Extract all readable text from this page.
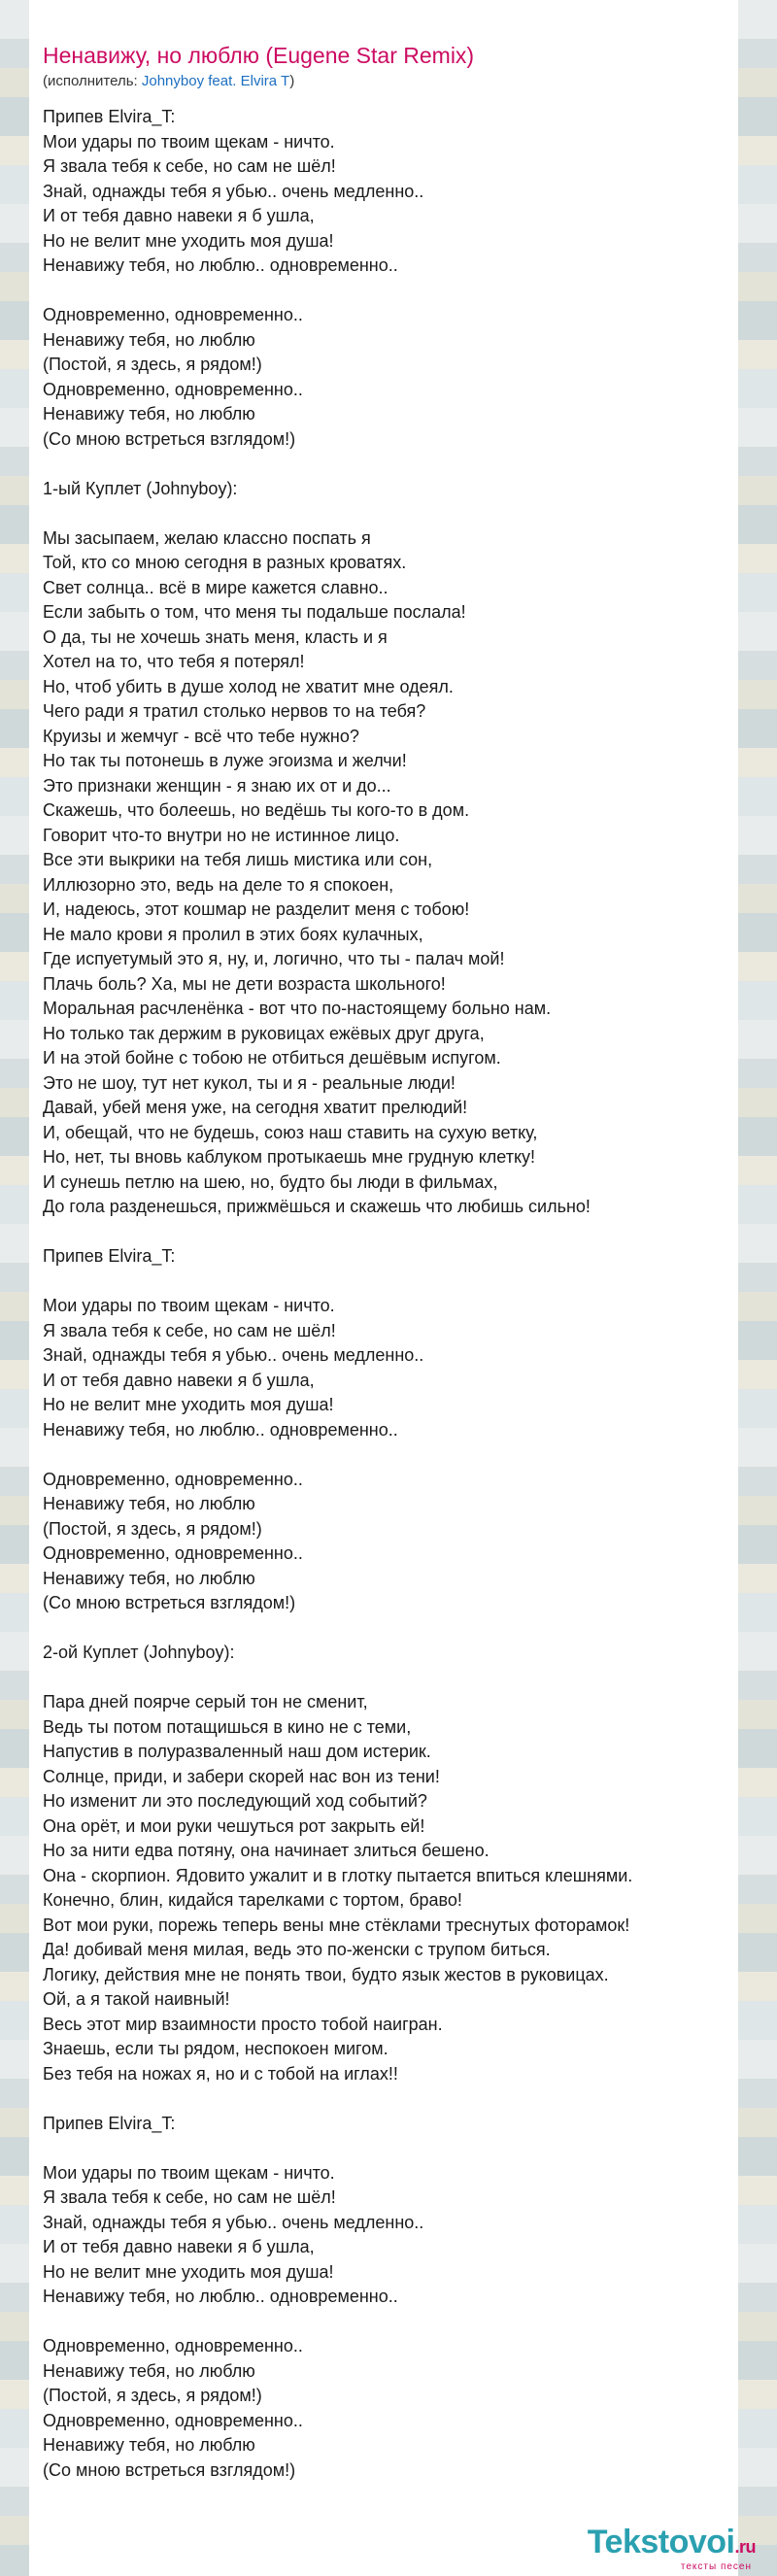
Ненавижу, но люблю (Eugene Star Remix)
(исполнитель: Johnyboy feat. Elvira T)
Припев Elvira_T:
Мои удары по твоим щекам - ничто.
Я звала тебя к себе, но сам не шёл!
Знай, однажды тебя я убью.. очень медленно..
И от тебя давно навеки я б ушла,
Но не велит мне уходить моя душа!
Ненавижу тебя, но люблю.. одновременно..
Одновременно, одновременно..
Ненавижу тебя, но люблю
(Постой, я здесь, я рядом!)
Одновременно, одновременно..
Ненавижу тебя, но люблю
(Со мною встреться взглядом!)
1-ый Куплет (Johnyboy):
Мы засыпаем, желаю классно поспать я
Той, кто со мною сегодня в разных кроватях.
Свет солнца.. всё в мире кажется славно..
Если забыть о том, что меня ты подальше послала!
О да, ты не хочешь знать меня, класть и я
Хотел на то, что тебя я потерял!
Но, чтоб убить в душе холод не хватит мне одеял.
Чего ради я тратил столько нервов то на тебя?
Круизы и жемчуг - всё что тебе нужно?
Но так ты потонешь в луже эгоизма и желчи!
Это признаки женщин - я знаю их от и до...
Скажешь, что болеешь, но ведёшь ты кого-то в дом.
Говорит что-то внутри но не истинное лицо.
Все эти выкрики на тебя лишь мистика или сон,
Иллюзорно это, ведь на деле то я спокоен,
И, надеюсь, этот кошмар не разделит меня с тобою!
Не мало крови я пролил в этих боях кулачных,
Где испуетумый это я, ну, и, логично, что ты - палач мой!
Плачь боль? Ха, мы не дети возраста школьного!
Моральная расчленёнка - вот что по-настоящему больно нам.
Но только так держим в руковицах ежёвых друг друга,
И на этой бойне с тобою не отбиться дешёвым испугом.
Это не шоу, тут нет кукол, ты и я - реальные люди!
Давай, убей меня уже, на сегодня хватит прелюдий!
И, обещай, что не будешь, союз наш ставить на сухую ветку,
Но, нет, ты вновь каблуком протыкаешь мне грудную клетку!
И сунешь петлю на шею, но, будто бы люди в фильмах,
До гола разденешься, прижмёшься и скажешь что любишь сильно!
Припев Elvira_T:
Мои удары по твоим щекам - ничто.
Я звала тебя к себе, но сам не шёл!
Знай, однажды тебя я убью.. очень медленно..
И от тебя давно навеки я б ушла,
Но не велит мне уходить моя душа!
Ненавижу тебя, но люблю.. одновременно..
Одновременно, одновременно..
Ненавижу тебя, но люблю
(Постой, я здесь, я рядом!)
Одновременно, одновременно..
Ненавижу тебя, но люблю
(Со мною встреться взглядом!)
2-ой Куплет (Johnyboy):
Пара дней поярче серый тон не сменит,
Ведь ты потом потащишься в кино не с теми,
Напустив в полуразваленный наш дом истерик.
Солнце, приди, и забери скорей нас вон из тени!
Но изменит ли это последующий ход событий?
Она орёт, и мои руки чешуться рот закрыть ей!
Но за нити едва потяну, она начинает злиться бешено.
Она - скорпион. Ядовито ужалит и в глотку пытается впиться клешнями.
Конечно, блин, кидайся тарелками с тортом, браво!
Вот мои руки, порежь теперь вены мне стёклами треснутых фоторамок!
Да! добивай меня милая, ведь это по-женски с трупом биться.
Логику, действия мне не понять твои, будто язык жестов в руковицах.
Ой, а я такой наивный!
Весь этот мир взаимности просто тобой наигран.
Знаешь, если ты рядом, неспокоен мигом.
Без тебя на ножах я, но и с тобой на иглах!!
Припев Elvira_T:
Мои удары по твоим щекам - ничто.
Я звала тебя к себе, но сам не шёл!
Знай, однажды тебя я убью.. очень медленно..
И от тебя давно навеки я б ушла,
Но не велит мне уходить моя душа!
Ненавижу тебя, но люблю.. одновременно..
Одновременно, одновременно..
Ненавижу тебя, но люблю
(Постой, я здесь, я рядом!)
Одновременно, одновременно..
Ненавижу тебя, но люблю
(Со мною встреться взглядом!)
Tekstovoi.ru
тексты песен
